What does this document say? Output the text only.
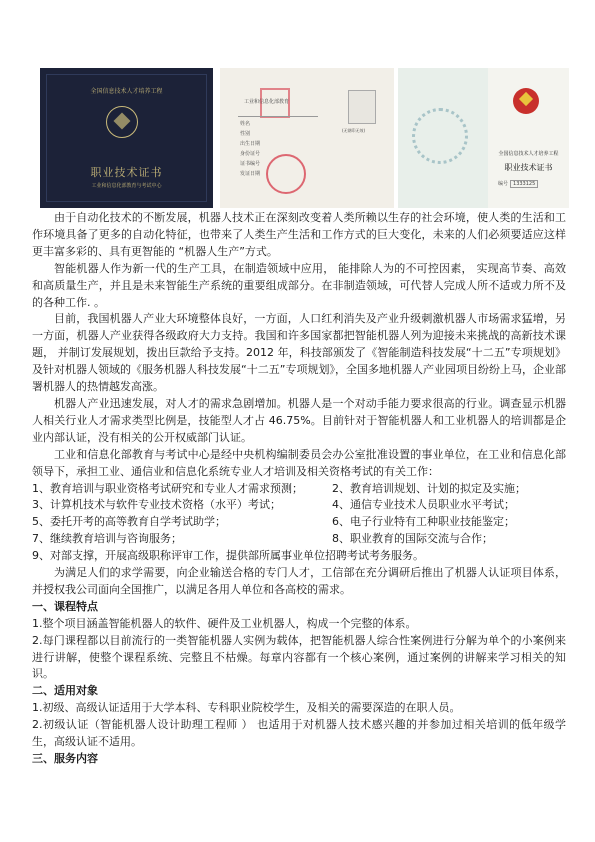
全国信息技术人才培养工程
职业技术证书
工业和信息化部教育与考试中心
工业和信息化部教育
姓名
性别
出生日期
身份证号
证书编号
发证日期
(无钢印无效)
全国信息技术人才培养工程
职业技术证书
编号 1333125

由于自动化技术的不断发展，机器人技术正在深刻改变着人类所赖以生存的社会环境，使人类的生活和工作环境具备了更多的自动化特征，也带来了人类生产生活和工作方式的巨大变化，未来的人们必须要适应这样更丰富多彩的、具有更智能的 “机器人生产”方式。

智能机器人作为新一代的生产工具，在制造领域中应用， 能排除人为的不可控因素， 实现高节奏、高效和高质量生产，并且是未来智能生产系统的重要组成部分。在非制造领域，可代替人完成人所不适或力所不及的各种工作. 。

目前，我国机器人产业大环境整体良好，一方面，人口红利消失及产业升级刺激机器人市场需求猛增，另一方面，机器人产业获得各级政府大力支持。我国和许多国家都把智能机器人列为迎接未来挑战的高新技术课题， 并制订发展规划，拨出巨款给予支持。2012 年，科技部颁发了《智能制造科技发展“十二五”专项规划》及针对机器人领域的《服务机器人科技发展“十二五”专项规划》，全国多地机器人产业园项目纷纷上马，企业部署机器人的热情越发高涨。

机器人产业迅速发展，对人才的需求急剧增加。机器人是一个对动手能力要求很高的行业。调查显示机器人相关行业人才需求类型比例是，技能型人才占 46.75%。目前针对于智能机器人和工业机器人的培训都是企业内部认证，没有相关的公开权威部门认证。

工业和信息化部教育与考试中心是经中央机构编制委员会办公室批准设置的事业单位，在工业和信息化部领导下，承担工业、通信业和信息化系统专业人才培训及相关资格考试的有关工作：

1、教育培训与职业资格考试研究和专业人才需求预测；	2、教育培训规划、计划的拟定及实施；
3、计算机技术与软件专业技术资格（水平）考试；	4、通信专业技术人员职业水平考试；
5、委托开考的高等教育自学考试助学；	6、电子行业特有工种职业技能鉴定；
7、继续教育培训与咨询服务；	8、职业教育的国际交流与合作；

9、对部支撑，开展高级职称评审工作，提供部所属事业单位招聘考试考务服务。

为满足人们的求学需要，向企业输送合格的专门人才，工信部在充分调研后推出了机器人认证项目体系，并授权我公司面向全国推广，以满足各用人单位和各高校的需求。

一、课程特点

1.整个项目涵盖智能机器人的软件、硬件及工业机器人，构成一个完整的体系。

2.每门课程都以目前流行的一类智能机器人实例为载体，把智能机器人综合性案例进行分解为单个的小案例来进行讲解，使整个课程系统、完整且不枯燥。每章内容都有一个核心案例，通过案例的讲解来学习相关的知识。

二、适用对象

1.初级、高级认证适用于大学本科、专科职业院校学生，及相关的需要深造的在职人员。

2.初级认证（智能机器人设计助理工程师 ） 也适用于对机器人技术感兴趣的并参加过相关培训的低年级学生，高级认证不适用。

三、服务内容
